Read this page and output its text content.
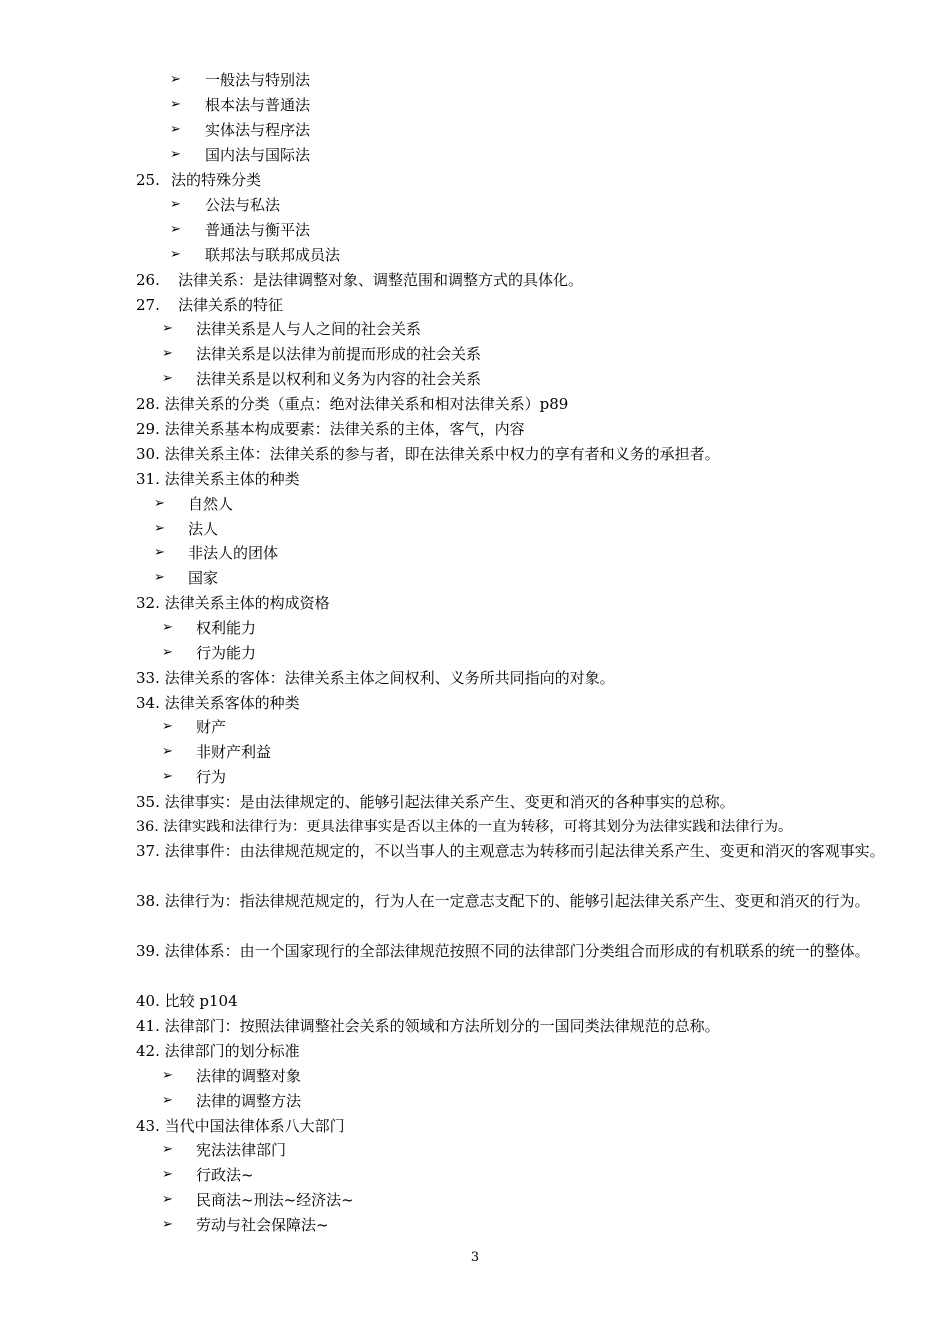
➢ 一般法与特别法
➢ 根本法与普通法
➢ 实体法与程序法
➢ 国内法与国际法
25. 法的特殊分类
➢ 公法与私法
➢ 普通法与衡平法
➢ 联邦法与联邦成员法
26. 法律关系：是法律调整对象、调整范围和调整方式的具体化。
27. 法律关系的特征
➢ 法律关系是人与人之间的社会关系
➢ 法律关系是以法律为前提而形成的社会关系
➢ 法律关系是以权利和义务为内容的社会关系
28. 法律关系的分类（重点：绝对法律关系和相对法律关系）p89
29. 法律关系基本构成要素：法律关系的主体，客气，内容
30. 法律关系主体：法律关系的参与者，即在法律关系中权力的享有者和义务的承担者。
31. 法律关系主体的种类
➢ 自然人
➢ 法人
➢ 非法人的团体
➢ 国家
32. 法律关系主体的构成资格
➢ 权利能力
➢ 行为能力
33. 法律关系的客体：法律关系主体之间权利、义务所共同指向的对象。
34. 法律关系客体的种类
➢ 财产
➢ 非财产利益
➢ 行为
35. 法律事实：是由法律规定的、能够引起法律关系产生、变更和消灭的各种事实的总称。
36. 法律实践和法律行为：更具法律事实是否以主体的一直为转移，可将其划分为法律实践和法律行为。
37. 法律事件：由法律规范规定的，不以当事人的主观意志为转移而引起法律关系产生、变更和消灭的客观事实。
38. 法律行为：指法律规范规定的，行为人在一定意志支配下的、能够引起法律关系产生、变更和消灭的行为。
39. 法律体系：由一个国家现行的全部法律规范按照不同的法律部门分类组合而形成的有机联系的统一的整体。
40. 比较 p104
41. 法律部门：按照法律调整社会关系的领域和方法所划分的一国同类法律规范的总称。
42. 法律部门的划分标准
➢ 法律的调整对象
➢ 法律的调整方法
43. 当代中国法律体系八大部门
➢ 宪法法律部门
➢ 行政法~
➢ 民商法~刑法~经济法~
➢ 劳动与社会保障法~
3
